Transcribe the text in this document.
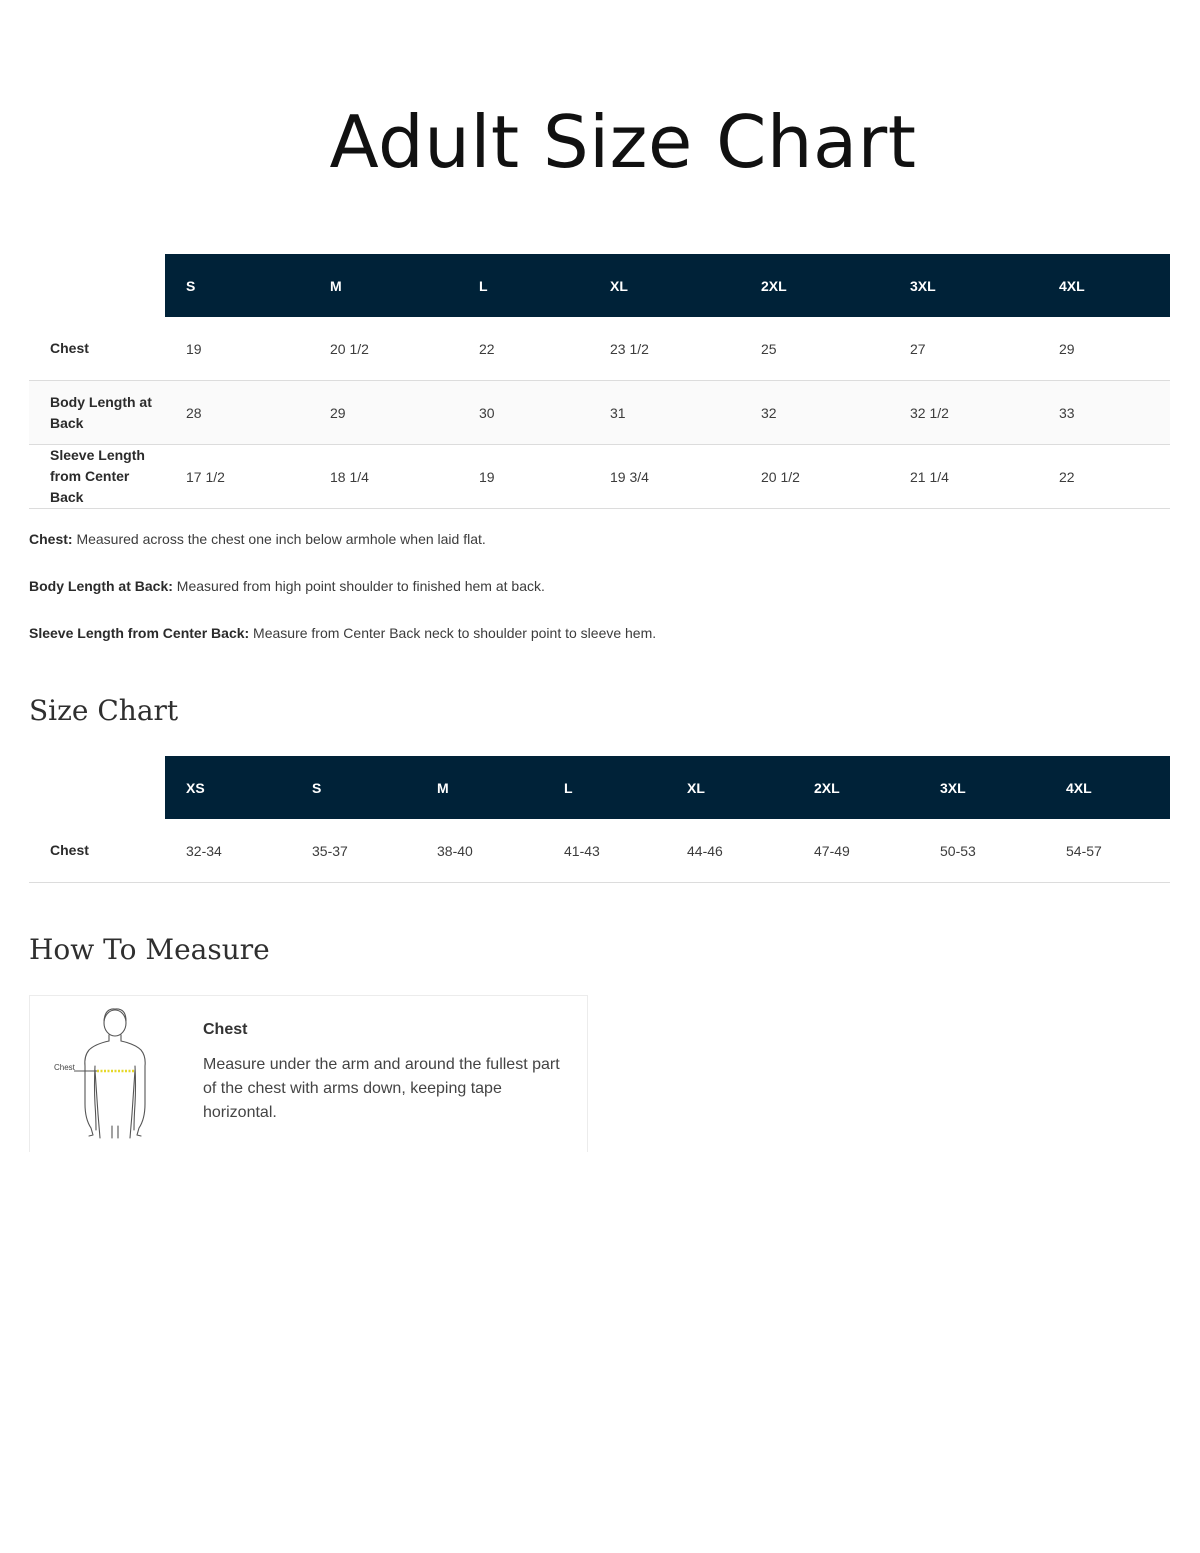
Adult Size Chart
	S	M	L	XL	2XL	3XL	4XL
Chest	19	20 1/2	22	23 1/2	25	27	29
Body Length at Back	28	29	30	31	32	32 1/2	33
Sleeve Length from Center Back	17 1/2	18 1/4	19	19 3/4	20 1/2	21 1/4	22

Chest: Measured across the chest one inch below armhole when laid flat.

Body Length at Back: Measured from high point shoulder to finished hem at back.

Sleeve Length from Center Back: Measure from Center Back neck to shoulder point to sleeve hem.

Size Chart
	XS	S	M	L	XL	2XL	3XL	4XL
Chest	32-34	35-37	38-40	41-43	44-46	47-49	50-53	54-57
How To Measure
Chest
Chest

Measure under the arm and around the fullest part of the chest with arms down, keeping tape horizontal.
